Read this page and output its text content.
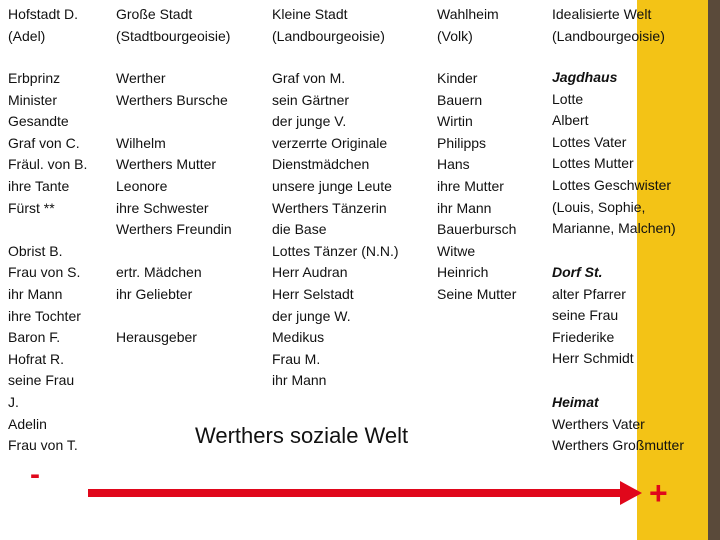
Hofstadt D.
(Adel)
Große Stadt
(Stadtbourgeoisie)
Kleine Stadt
(Landbourgeoisie)
Wahlheim
(Volk)
Idealisierte Welt
(Landbourgeoisie)
Erbprinz
Minister
Gesandte
Graf von C.
Fräul. von B.
ihre Tante
Fürst **
Obrist B.
Frau von S.
ihr Mann
ihre Tochter
Baron F.
Hofrat R.
seine Frau
J.
Adelin
Frau von T.
Werther
Werthers Bursche
Wilhelm
Werthers Mutter
Leonore
ihre Schwester
Werthers Freundin
ertr. Mädchen
ihr Geliebter
Herausgeber
Graf von M.
sein Gärtner
der junge V.
verzerrte Originale
Dienstmädchen
unsere junge Leute
Werthers Tänzerin
die Base
Lottes Tänzer (N.N.)
Herr Audran
Herr Selstadt
der junge W.
Medikus
Frau M.
ihr Mann
Kinder
Bauern
Wirtin
Philipps
Hans
ihre Mutter
ihr Mann
Bauerbursch
Witwe
Heinrich
Seine Mutter
Jagdhaus
Lotte
Albert
Lottes Vater
Lottes Mutter
Lottes Geschwister
(Louis, Sophie,
Marianne, Malchen)
Dorf St.
alter Pfarrer
seine Frau
Friederike
Herr Schmidt
Heimat
Werthers Vater
Werthers Großmutter
Werthers soziale Welt
-
+
